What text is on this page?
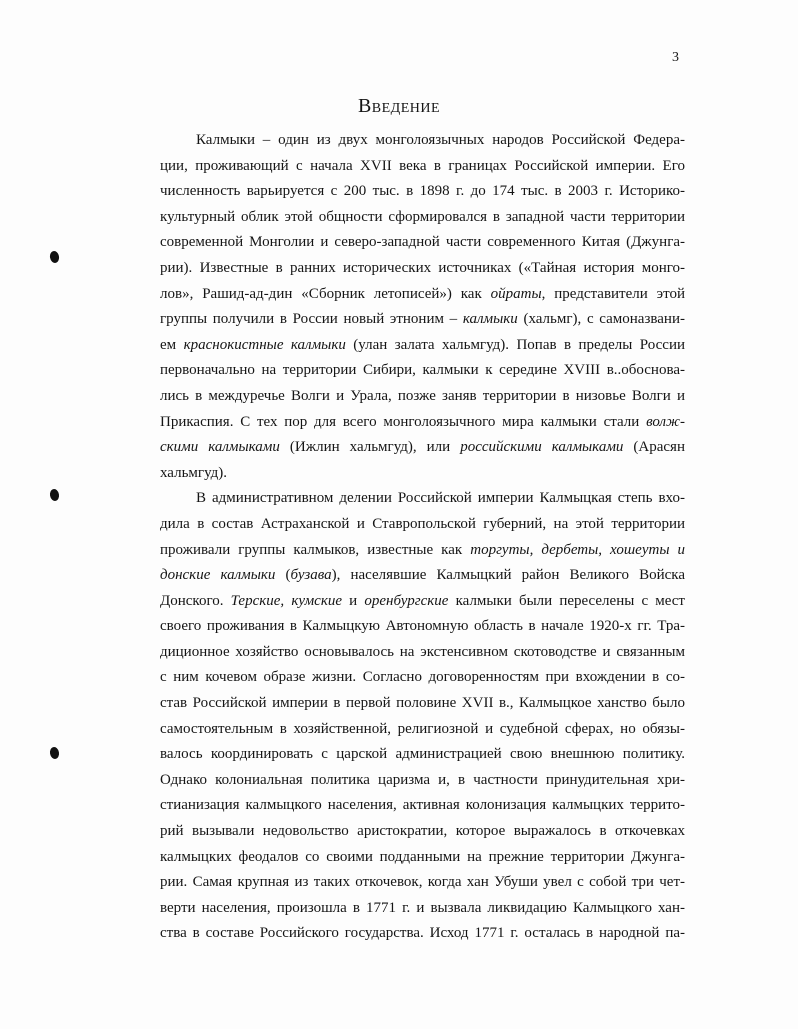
3
Введение
Калмыки – один из двух монголоязычных народов Российской Федера-
ции, проживающий с начала XVII века в границах Российской империи. Его
численность варьируется с 200 тыс. в 1898 г. до 174 тыс. в 2003 г. Историко-
культурный облик этой общности сформировался в западной части территории
современной Монголии и северо-западной части современного Китая (Джунга-
рии). Известные в ранних исторических источниках («Тайная история монго-
лов», Рашид-ад-дин «Сборник летописей») как ойраты, представители этой
группы получили в России новый этноним – калмыки (хальмг), с самоназвани-
ем краснокистные калмыки (улан залата хальмгуд). Попав в пределы России
первоначально на территории Сибири, калмыки к середине XVIII в..обоснова-
лись в междуречье Волги и Урала, позже заняв территории в низовье Волги и
Прикаспия. С тех пор для всего монголоязычного мира калмыки стали волж-
скими калмыками (Ижлин хальмгуд), или российскими калмыками (Арасян
хальмгуд).
В административном делении Российской империи Калмыцкая степь вхо-
дила в состав Астраханской и Ставропольской губерний, на этой территории
проживали группы калмыков, известные как торгуты, дербеты, хошеуты и
донские калмыки (бузава), населявшие Калмыцкий район Великого Войска
Донского. Терские, кумские и оренбургские калмыки были переселены с мест
своего проживания в Калмыцкую Автономную область в начале 1920-х гг. Тра-
диционное хозяйство основывалось на экстенсивном скотоводстве и связанным
с ним кочевом образе жизни. Согласно договоренностям при вхождении в со-
став Российской империи в первой половине XVII в., Калмыцкое ханство было
самостоятельным в хозяйственной, религиозной и судебной сферах, но обязы-
валось координировать с царской администрацией свою внешнюю политику.
Однако колониальная политика царизма и, в частности принудительная хри-
стианизация калмыцкого населения, активная колонизация калмыцких террито-
рий вызывали недовольство аристократии, которое выражалось в откочевках
калмыцких феодалов со своими подданными на прежние территории Джунга-
рии. Самая крупная из таких откочевок, когда хан Убуши увел с собой три чет-
верти населения, произошла в 1771 г. и вызвала ликвидацию Калмыцкого хан-
ства в составе Российского государства. Исход 1771 г. осталась в народной па-
